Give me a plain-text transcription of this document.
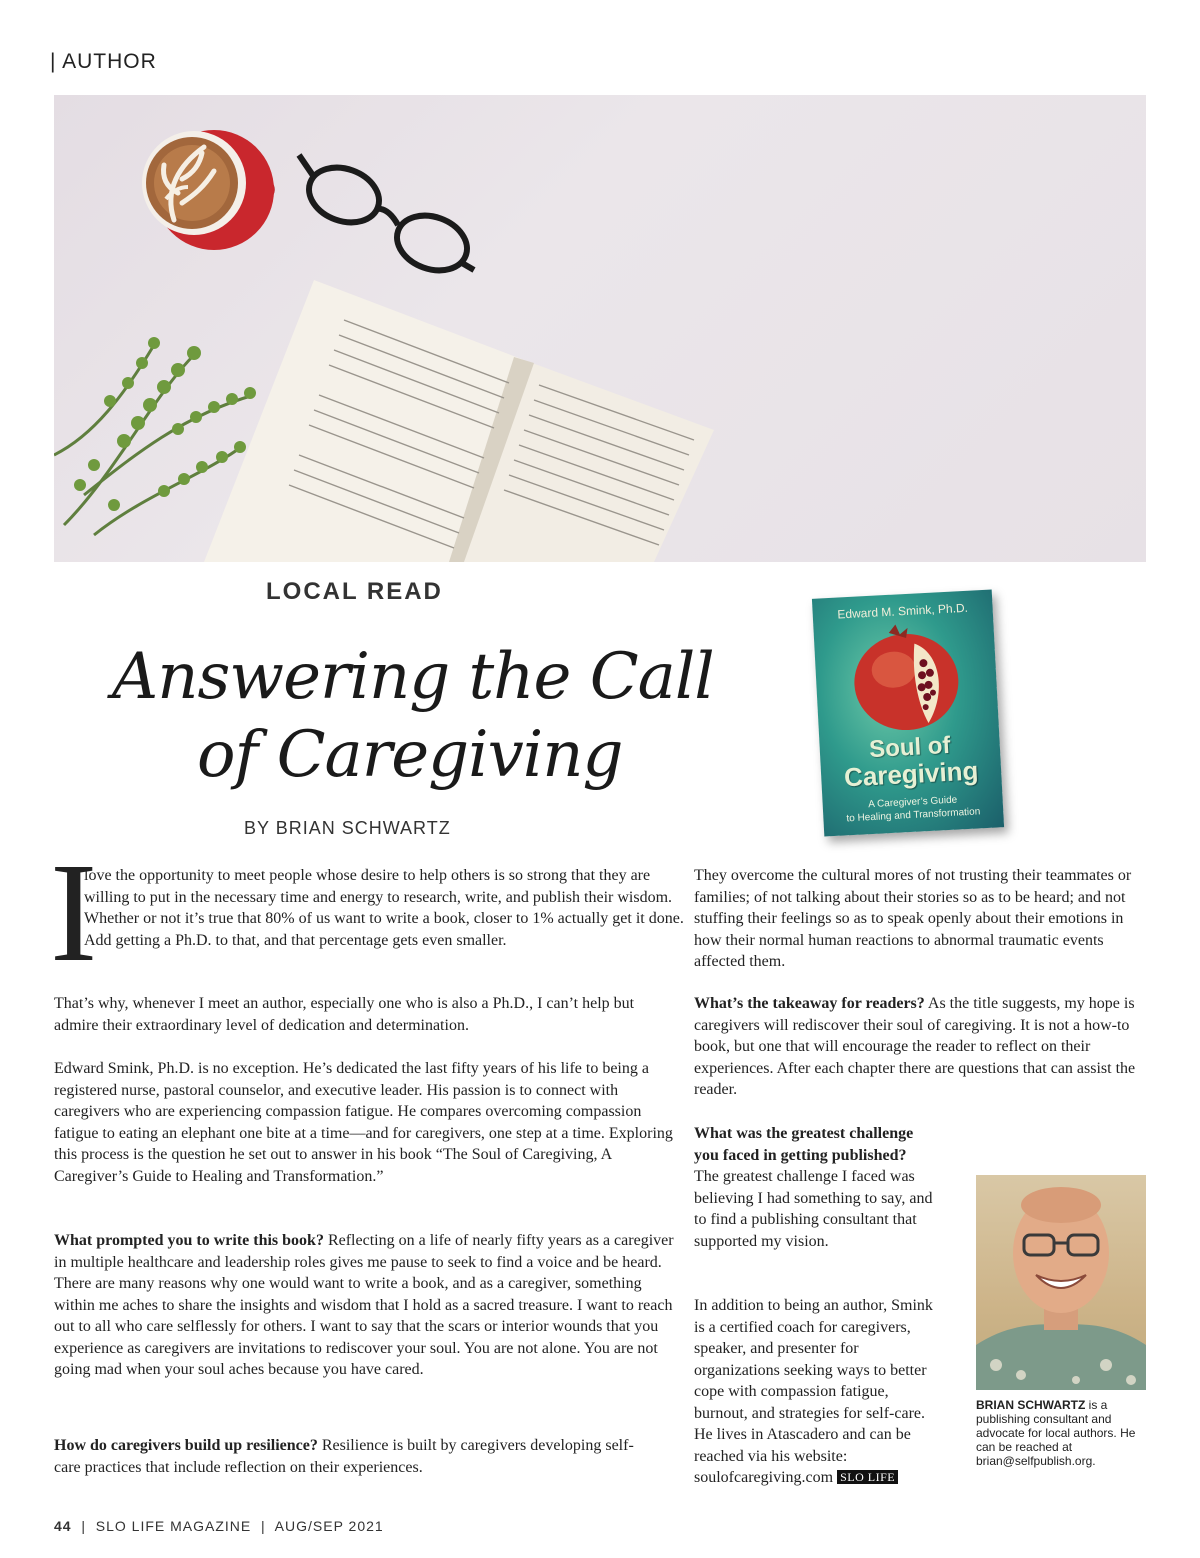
| AUTHOR
LOCAL READ
Answering the Call
of Caregiving
BY BRIAN SCHWARTZ
Edward M. Smink, Ph.D.
Soul of
Caregiving
A Caregiver’s Guide
to Healing and Transformation
I
love the opportunity to meet people whose desire to help others is so strong that they are willing to put in the necessary time and energy to research, write, and publish their wisdom. Whether or not it’s true that 80% of us want to write a book, closer to 1% actually get it done. Add getting a Ph.D. to that, and that percentage gets even smaller.
That’s why, whenever I meet an author, especially one who is also a Ph.D., I can’t help but admire their extraordinary level of dedication and determination.
Edward Smink, Ph.D. is no exception. He’s dedicated the last fifty years of his life to being a registered nurse, pastoral counselor, and executive leader. His passion is to connect with caregivers who are experiencing compassion fatigue. He compares overcoming compassion fatigue to eating an elephant one bite at a time—and for caregivers, one step at a time. Exploring this process is the question he set out to answer in his book “The Soul of Caregiving, A Caregiver’s Guide to Healing and Transformation.”
What prompted you to write this book? Reflecting on a life of nearly fifty years as a caregiver in multiple healthcare and leadership roles gives me pause to seek to find a voice and be heard. There are many reasons why one would want to write a book, and as a caregiver, something within me aches to share the insights and wisdom that I hold as a sacred treasure. I want to reach out to all who care selflessly for others. I want to say that the scars or interior wounds that you experience as caregivers are invitations to rediscover your soul. You are not alone. You are not going mad when your soul aches because you have cared.
How do caregivers build up resilience? Resilience is built by caregivers developing self-care practices that include reflection on their experiences.
They overcome the cultural mores of not trusting their teammates or families; of not talking about their stories so as to be heard; and not stuffing their feelings so as to speak openly about their emotions in how their normal human reactions to abnormal traumatic events affected them.
What’s the takeaway for readers? As the title suggests, my hope is caregivers will rediscover their soul of caregiving. It is not a how-to book, but one that will encourage the reader to reflect on their experiences. After each chapter there are questions that can assist the reader.
What was the greatest challenge you faced in getting published? The greatest challenge I faced was believing I had something to say, and to find a publishing consultant that supported my vision.
In addition to being an author, Smink is a certified coach for caregivers, speaker, and presenter for organizations seeking ways to better cope with compassion fatigue, burnout, and strategies for self-care. He lives in Atascadero and can be reached via his website: soulofcaregiving.com SLO LIFE
BRIAN SCHWARTZ is a publishing consultant and advocate for local authors. He can be reached at brian@selfpublish.org.
44  |  SLO LIFE MAGAZINE  |  AUG/SEP 2021
